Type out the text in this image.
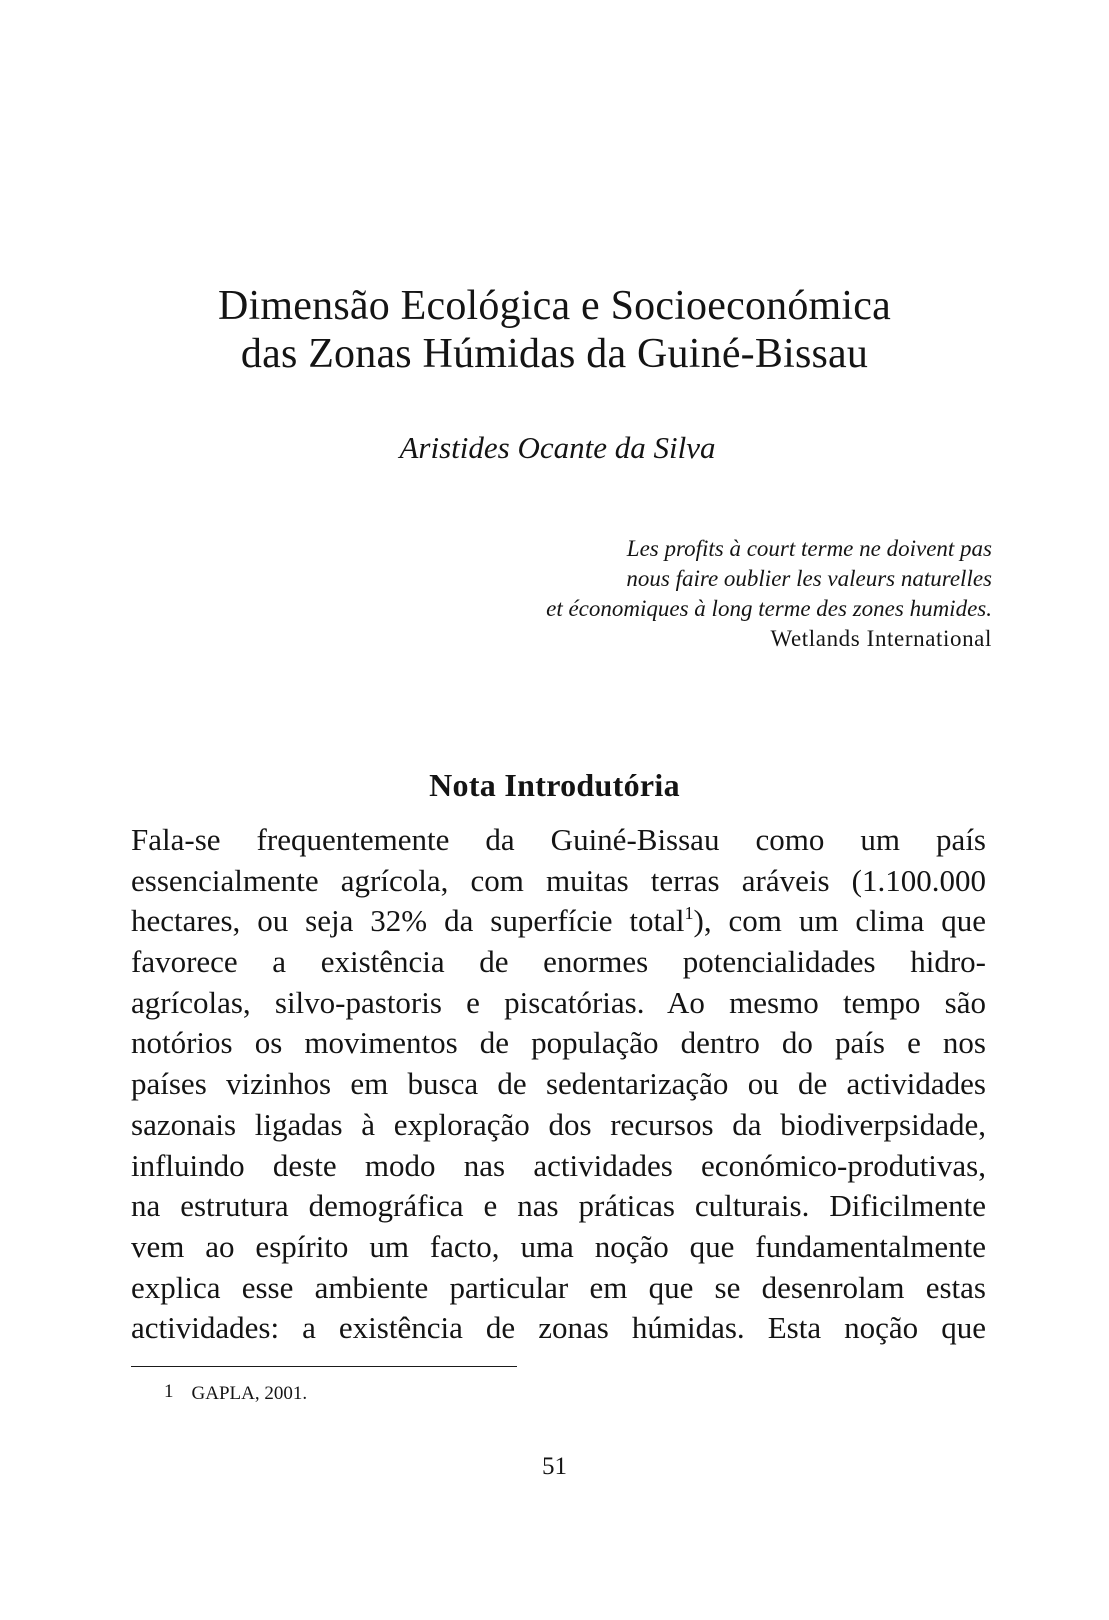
Dimensão Ecológica e Socioeconómica
das Zonas Húmidas da Guiné-Bissau
Aristides Ocante da Silva
Les profits à court terme ne doivent pas
nous faire oublier les valeurs naturelles
et économiques à long terme des zones humides.
Wetlands International
Nota Introdutória
Fala-se frequentemente da Guiné-Bissau como um país
essencialmente agrícola, com muitas terras aráveis (1.100.000
hectares, ou seja 32% da superfície total$^1$), com um clima que
favorece a existência de enormes potencialidades hidro-
agrícolas, silvo-pastoris e piscatórias. Ao mesmo tempo são
notórios os movimentos de população dentro do país e nos
países vizinhos em busca de sedentarização ou de actividades
sazonais ligadas à exploração dos recursos da biodiverpsidade,
influindo deste modo nas actividades económico-produtivas,
na estrutura demográfica e nas práticas culturais. Dificilmente
vem ao espírito um facto, uma noção que fundamentalmente
explica esse ambiente particular em que se desenrolam estas
actividades: a existência de zonas húmidas. Esta noção que
1 GAPLA, 2001.
51
